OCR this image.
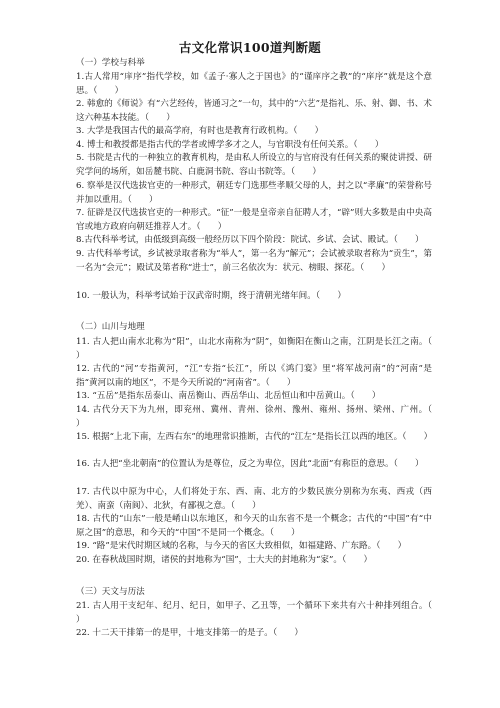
古文化常识100道判断题
（一）学校与科举
1.古人常用“庠序”指代学校，如《孟子·寡人之于国也》的“谨庠序之教”的“庠序”就是这个意思。（　　）
2. 韩愈的《师说》有“六艺经传，皆通习之”一句，其中的“六艺”是指礼、乐、射、御、书、术这六种基本技能。（　　）
3. 大学是我国古代的最高学府，有时也是教育行政机构。（　　）
4. 博士和教授都是指古代的学者或博学多才之人，与官职没有任何关系。（　　）
5. 书院是古代的一种独立的教育机构，是由私人所设立的与官府没有任何关系的聚徒讲授、研究学问的场所，如岳麓书院、白鹿洞书院、容山书院等。（　　）
6. 察举是汉代选拔官吏的一种形式，朝廷专门选那些孝顺父母的人，封之以“孝廉”的荣誉称号并加以重用。（　　）
7. 征辟是汉代选拔官吏的一种形式。“征”一般是皇帝亲自征聘人才，“辟”则大多数是由中央高官或地方政府向朝廷推荐人才。（　　）
8.古代科举考试，由低级到高级一般经历以下四个阶段：院试、乡试、会试、殿试。（　　）
9. 古代科举考试，乡试被录取者称为“举人”，第一名为“解元”；会试被录取者称为“贡生”，第一名为“会元”；殿试及第者称“进士”，前三名依次为：状元、榜眼、探花。（　　）
10. 一般认为，科举考试始于汉武帝时期，终于清朝光绪年间。（　　）
（二）山川与地理
11. 古人把山南水北称为“阳”，山北水南称为“阴”，如衡阳在衡山之南，江阴是长江之南。（　　）
12. 古代的“河”专指黄河，“江”专指“长江”，所以《鸿门宴》里“将军战河南”的“河南”是指“黄河以南的地区”，不是今天所说的“河南省”。（　　）
13. “五岳”是指东岳泰山、南岳衡山、西岳华山、北岳恒山和中岳黄山。（　　）
14. 古代分天下为九州，即兖州、冀州、青州、徐州、豫州、雍州、扬州、梁州、广州。（　　）
15. 根据“上北下南，左西右东”的地理常识推断，古代的“江左”是指长江以西的地区。（　　）
16. 古人把“坐北朝南”的位置认为是尊位，反之为卑位，因此“北面”有称臣的意思。（　　）
17. 古代以中原为中心，人们将处于东、西、南、北方的少数民族分别称为东夷、西戎（西羌）、南蛮（南阆）、北狄，有鄙视之意。（　　）
18. 古代的“山东”一般是崤山以东地区，和今天的山东省不是一个概念；古代的“中国”有“中原之国”的意思，和今天的“中国”不是同一个概念。（　　）
19. “路”是宋代时期区域的名称，与今天的省区大致相似，如福建路、广东路。（　　）
20. 在春秋战国时期，诸侯的封地称为“国”，士大夫的封地称为“家”。（　　）
（三）天文与历法
21. 古人用干支纪年、纪月、纪日，如甲子、乙丑等，一个循环下来共有六十种排列组合。（　　）
22. 十二天干排第一的是甲，十地支排第一的是子。（　　）
